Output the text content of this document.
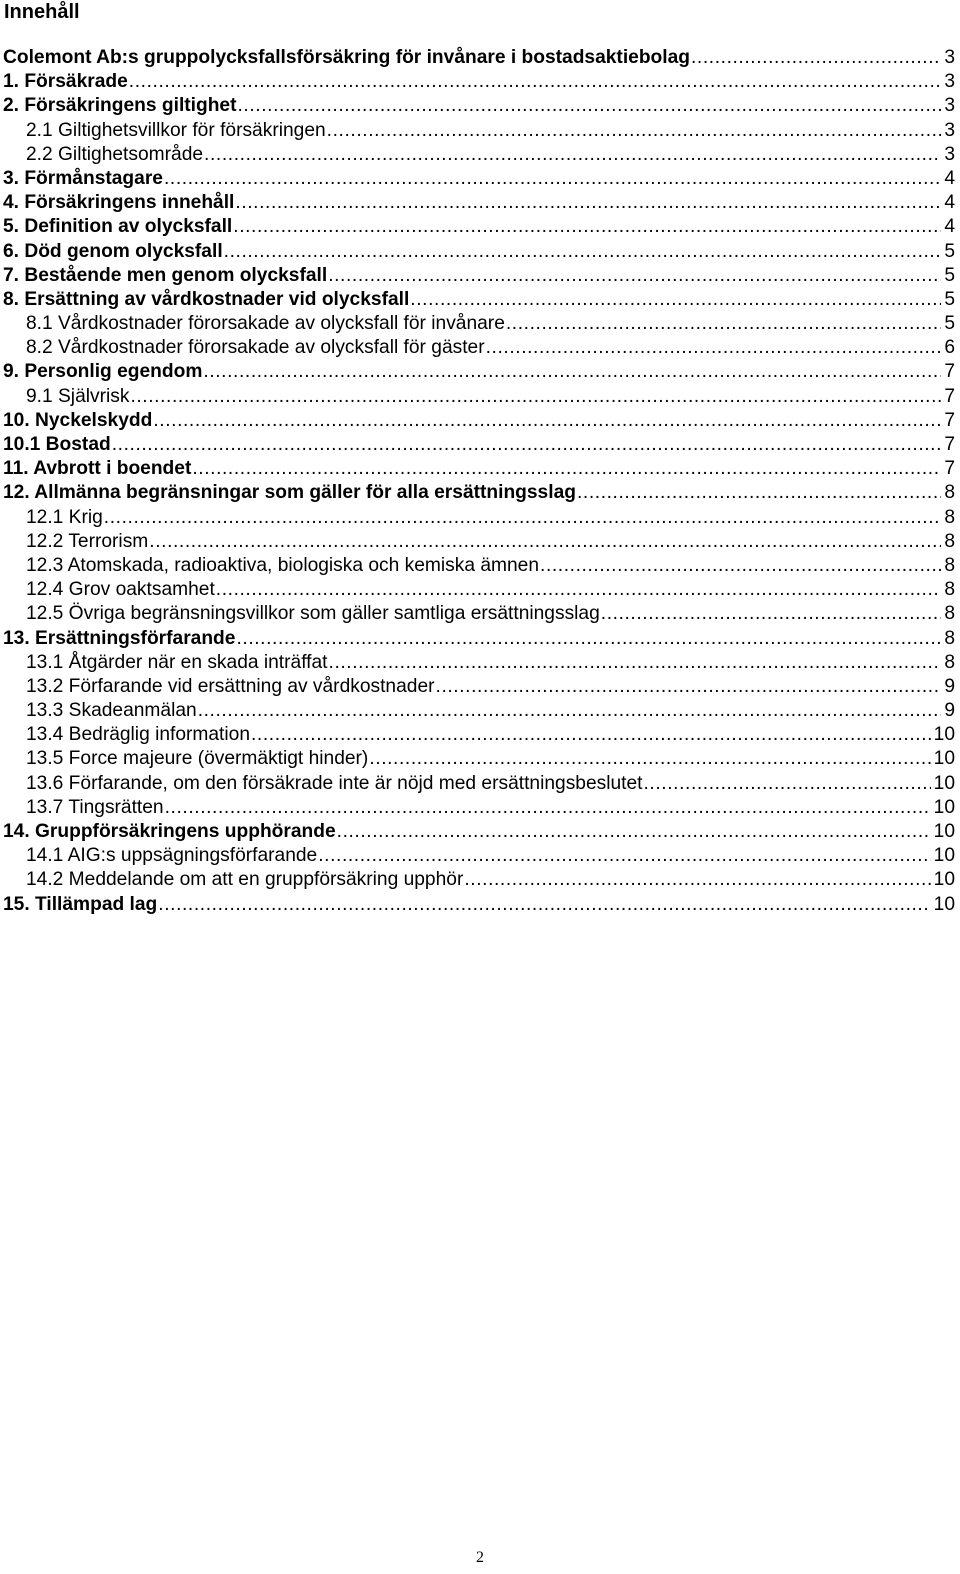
Innehåll
Colemont Ab:s gruppolycksfallsförsäkring för invånare i bostadsaktiebolag .....	3
1. Försäkrade .....	3
2. Försäkringens giltighet .....	3
2.1 Giltighetsvillkor för försäkringen .....	3
2.2 Giltighetsområde .....	3
3. Förmånstagare .....	4
4. Försäkringens innehåll .....	4
5. Definition av olycksfall .....	4
6. Död genom olycksfall .....	5
7. Bestående men genom olycksfall .....	5
8. Ersättning av vårdkostnader vid olycksfall .....	5
8.1 Vårdkostnader förorsakade av olycksfall för invånare .....	5
8.2 Vårdkostnader förorsakade av olycksfall för gäster .....	6
9. Personlig egendom .....	7
9.1 Självrisk .....	7
10. Nyckelskydd .....	7
10.1 Bostad .....	7
11. Avbrott i boendet .....	7
12. Allmänna begränsningar som gäller för alla ersättningsslag .....	8
12.1 Krig .....	8
12.2 Terrorism .....	8
12.3 Atomskada, radioaktiva, biologiska och kemiska ämnen .....	8
12.4 Grov oaktsamhet .....	8
12.5 Övriga begränsningsvillkor som gäller samtliga ersättningsslag .....	8
13. Ersättningsförfarande .....	8
13.1 Åtgärder när en skada inträffat .....	8
13.2 Förfarande vid ersättning av vårdkostnader .....	9
13.3 Skadeanmälan .....	9
13.4 Bedräglig information .....	10
13.5 Force majeure (övermäktigt hinder) .....	10
13.6 Förfarande, om den försäkrade inte är nöjd med ersättningsbeslutet .....	10
13.7 Tingsrätten .....	10
14. Gruppförsäkringens upphörande .....	10
14.1 AIG:s uppsägningsförfarande .....	10
14.2 Meddelande om att en gruppförsäkring upphör .....	10
15. Tillämpad lag .....	10
2
